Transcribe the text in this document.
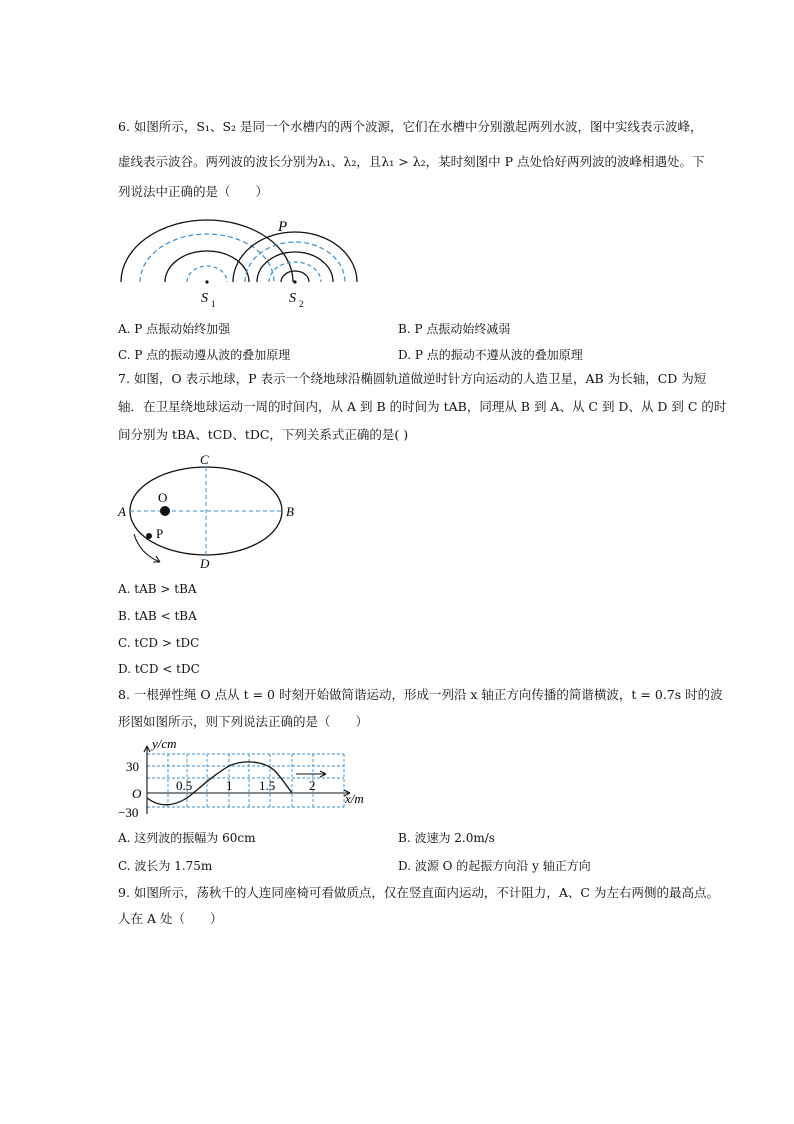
6. 如图所示，S₁、S₂ 是同一个水槽内的两个波源，它们在水槽中分别激起两列水波，图中实线表示波峰，
虚线表示波谷。两列波的波长分别为λ₁、λ₂，且λ₁ > λ₂，某时刻图中 P 点处恰好两列波的波峰相遇处。下
列说法中正确的是（　　）
P
S 1	S 2
A. P 点振动始终加强	B. P 点振动始终减弱
C. P 点的振动遵从波的叠加原理	D. P 点的振动不遵从波的叠加原理
7. 如图，O 表示地球，P 表示一个绕地球沿椭圆轨道做逆时针方向运动的人造卫星，AB 为长轴，CD 为短
轴．在卫星绕地球运动一周的时间内，从 A 到 B 的时间为 tAB，同理从 B 到 A、从 C 到 D、从 D 到 C 的时
间分别为 tBA、tCD、tDC，下列关系式正确的是( )
A	B
C
D
O
P
A. tAB > tBA
B. tAB < tBA
C. tCD > tDC
D. tCD < tDC
8. 一根弹性绳 O 点从 t = 0 时刻开始做简谐运动，形成一列沿 x 轴正方向传播的简谐横波，t = 0.7s 时的波
形图如图所示，则下列说法正确的是（　　）
y/cm
x/m
O
30
−30
0.5	1 1.5	2
A. 这列波的振幅为 60cm	B. 波速为 2.0m/s
C. 波长为 1.75m	D. 波源 O 的起振方向沿 y 轴正方向
9. 如图所示，荡秋千的人连同座椅可看做质点，仅在竖直面内运动，不计阻力，A、C 为左右两侧的最高点。
人在 A 处（　　）
